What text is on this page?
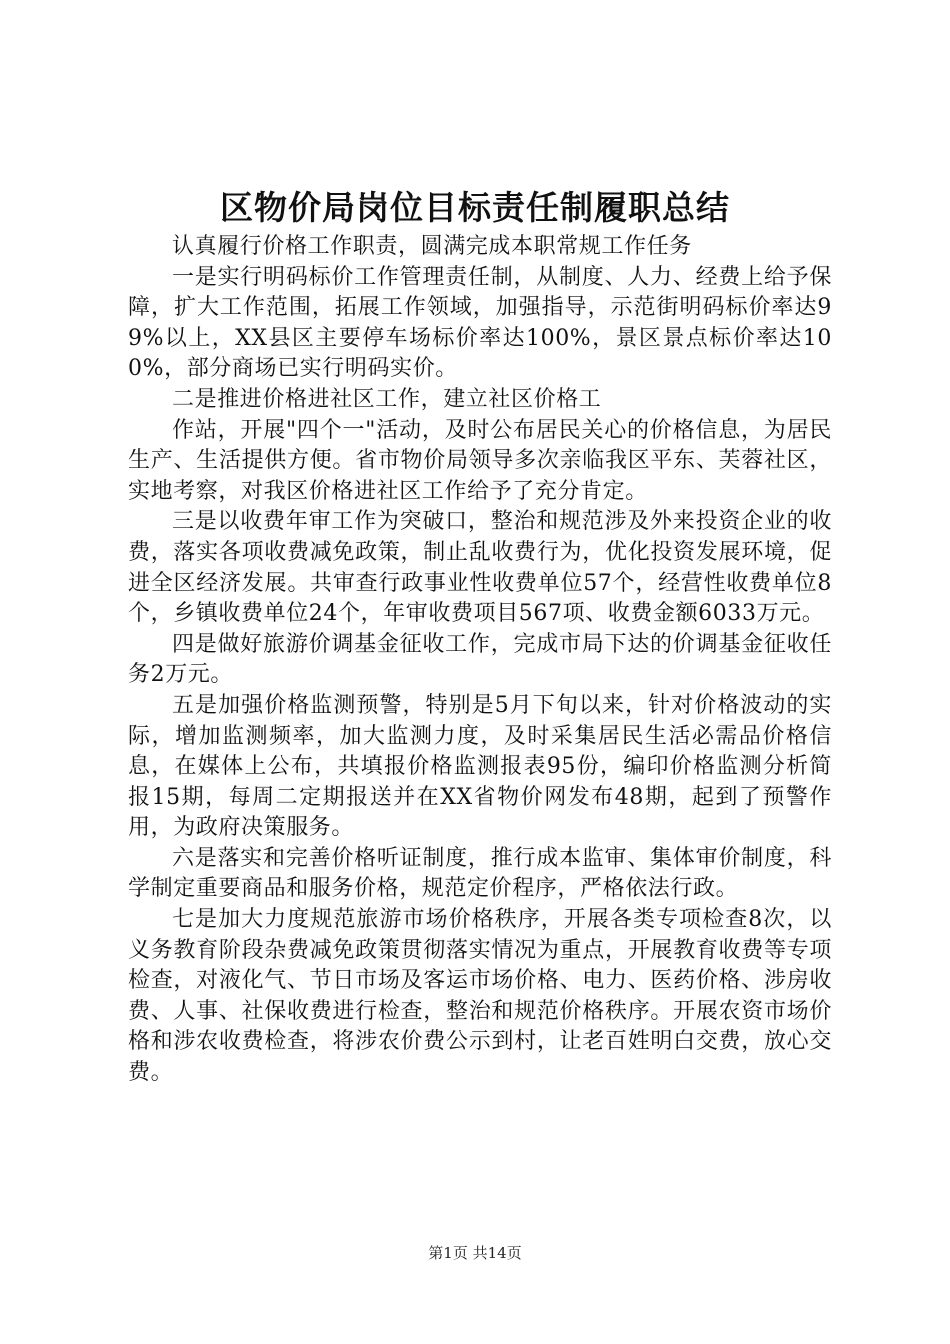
区物价局岗位目标责任制履职总结

认真履行价格工作职责，圆满完成本职常规工作任务

一是实行明码标价工作管理责任制，从制度、人力、经费上给予保障，扩大工作范围，拓展工作领域，加强指导，示范街明码标价率达99%以上，XX县区主要停车场标价率达100%，景区景点标价率达100%，部分商场已实行明码实价。

二是推进价格进社区工作，建立社区价格工

作站，开展"四个一"活动，及时公布居民关心的价格信息，为居民生产、生活提供方便。省市物价局领导多次亲临我区平东、芙蓉社区，实地考察，对我区价格进社区工作给予了充分肯定。

三是以收费年审工作为突破口，整治和规范涉及外来投资企业的收费，落实各项收费减免政策，制止乱收费行为，优化投资发展环境，促进全区经济发展。共审查行政事业性收费单位57个，经营性收费单位8个，乡镇收费单位24个，年审收费项目567项、收费金额6033万元。

四是做好旅游价调基金征收工作，完成市局下达的价调基金征收任务2万元。

五是加强价格监测预警，特别是5月下旬以来，针对价格波动的实际，增加监测频率，加大监测力度，及时采集居民生活必需品价格信息，在媒体上公布，共填报价格监测报表95份，编印价格监测分析简报15期，每周二定期报送并在XX省物价网发布48期，起到了预警作用，为政府决策服务。

六是落实和完善价格听证制度，推行成本监审、集体审价制度，科学制定重要商品和服务价格，规范定价程序，严格依法行政。

七是加大力度规范旅游市场价格秩序，开展各类专项检查8次，以义务教育阶段杂费减免政策贯彻落实情况为重点，开展教育收费等专项检查，对液化气、节日市场及客运市场价格、电力、医药价格、涉房收费、人事、社保收费进行检查，整治和规范价格秩序。开展农资市场价格和涉农收费检查，将涉农价费公示到村，让老百姓明白交费，放心交费。

第1页 共14页
